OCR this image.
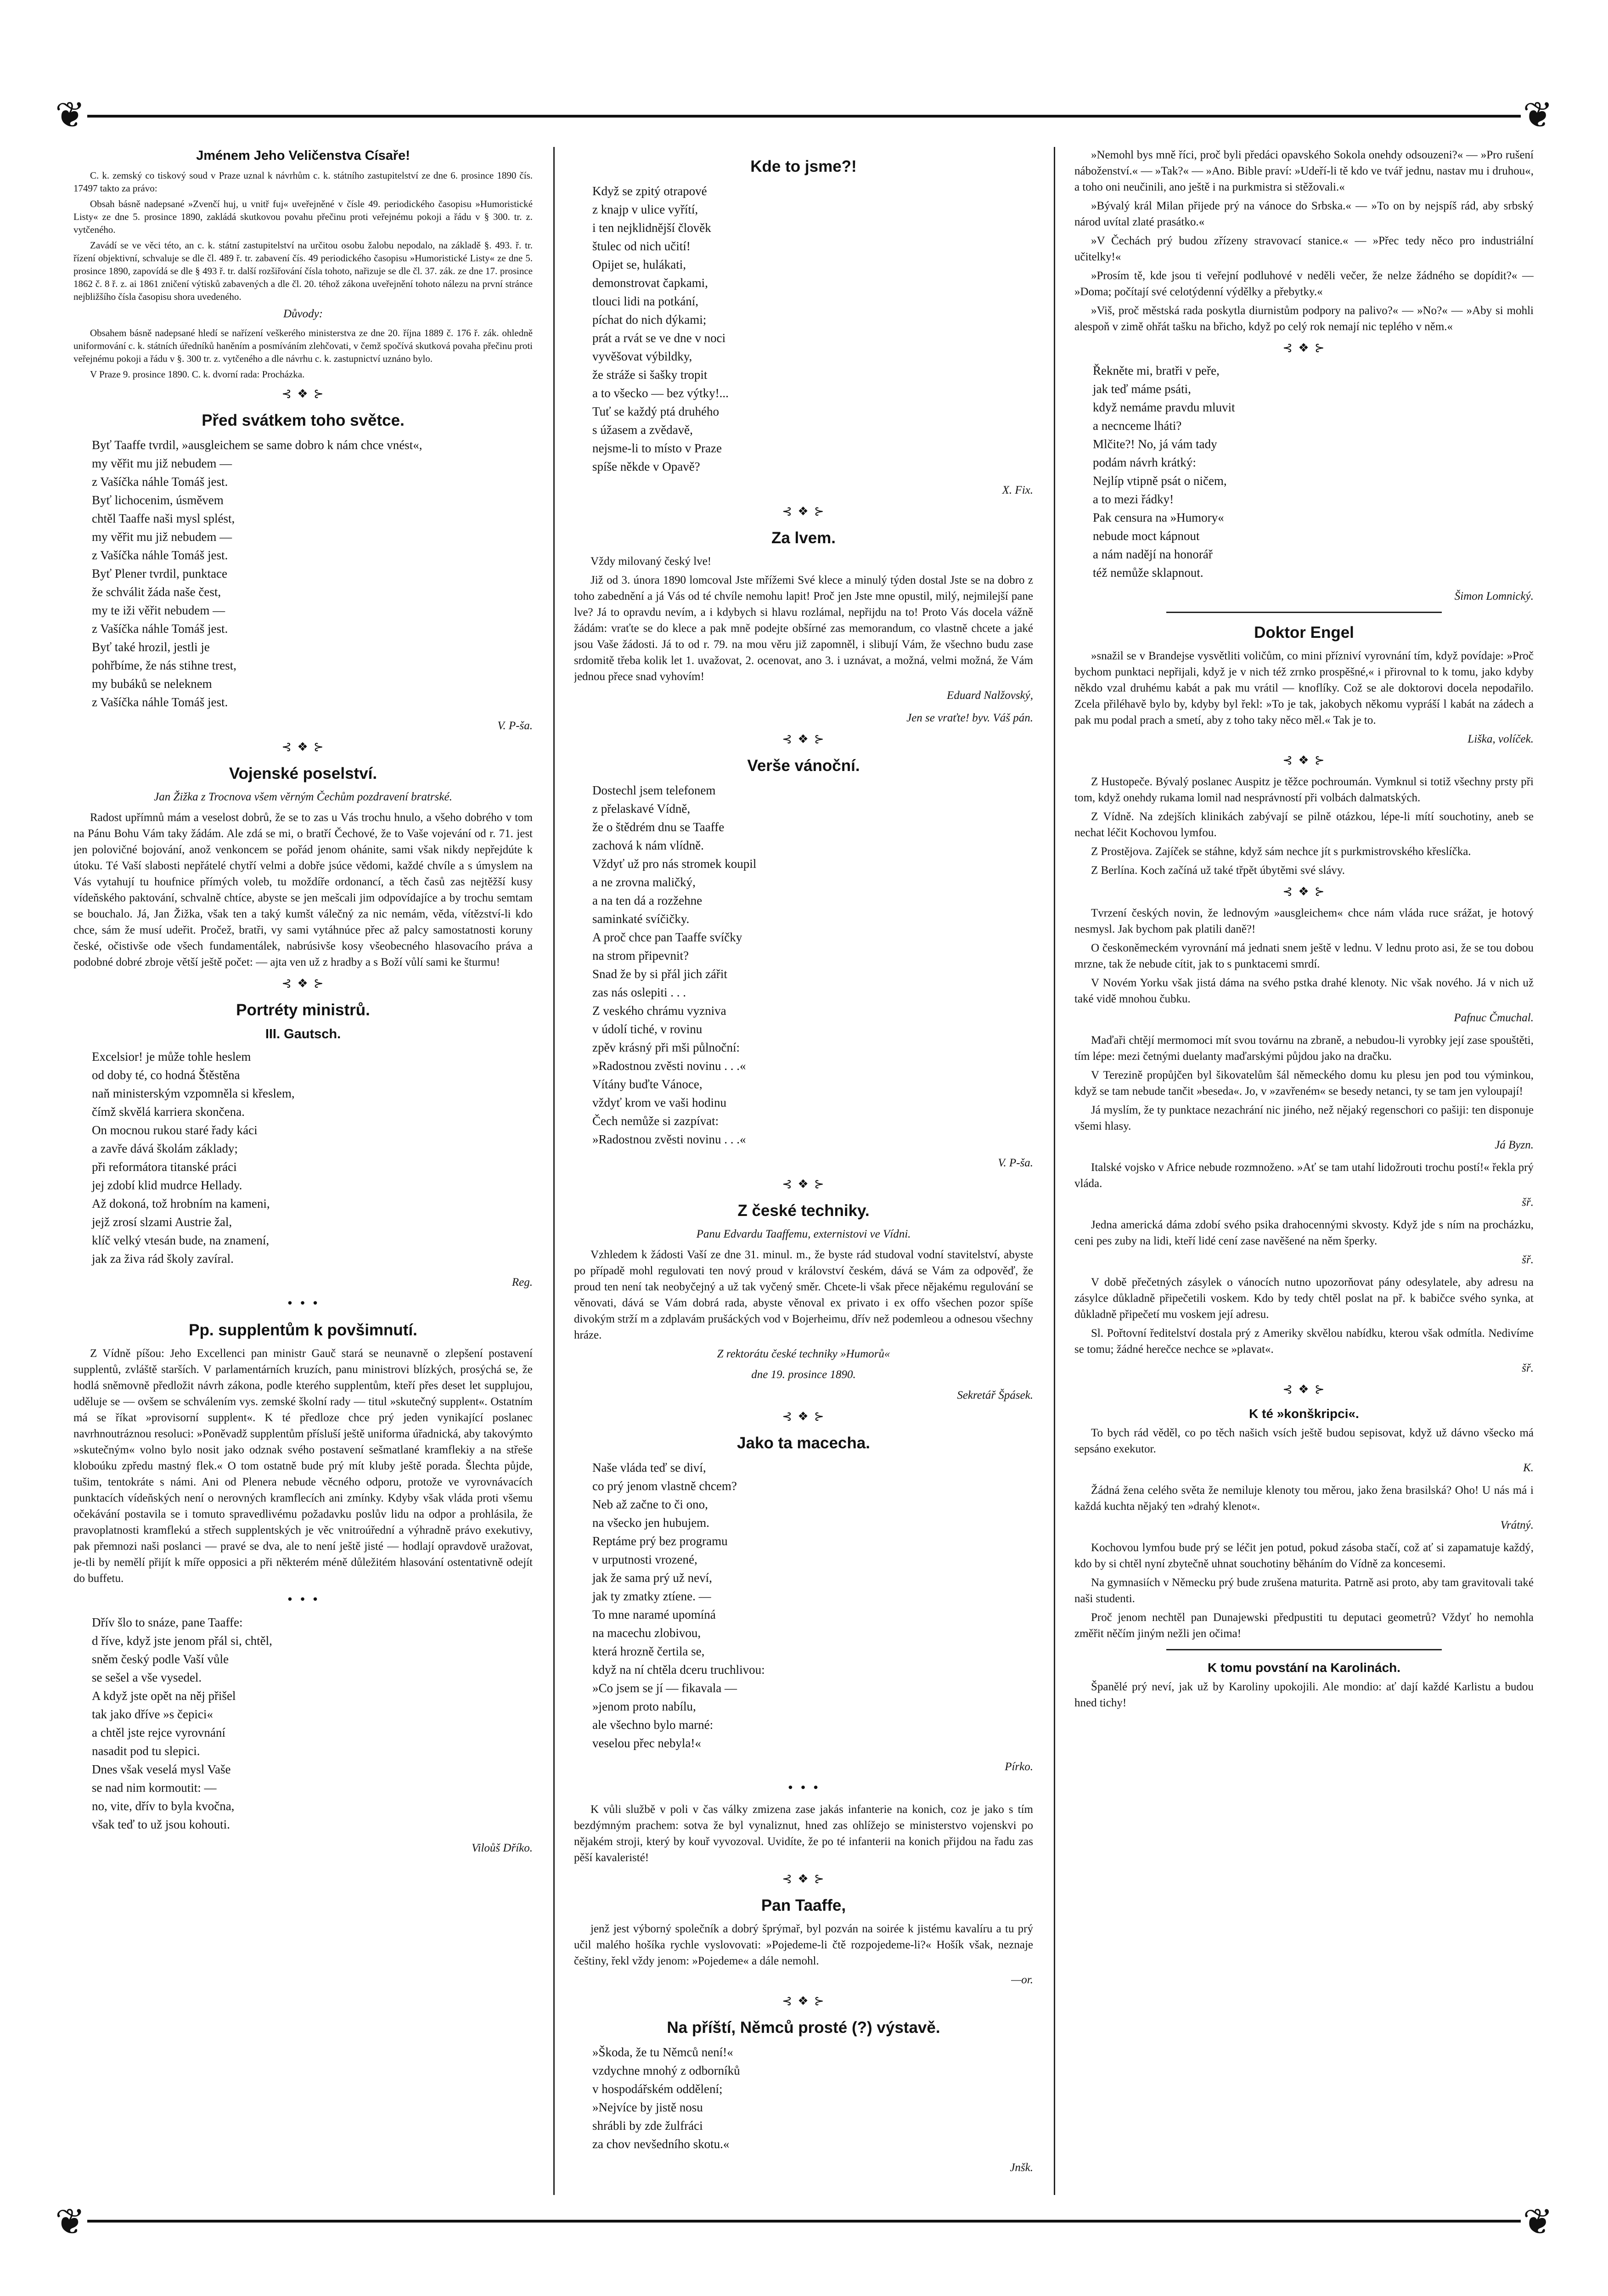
❦	❦
❦	❦
Jménem Jeho Veličenstva Císaře!

C. k. zemský co tiskový soud v Praze uznal k návrhům c. k. státního zastupitelství ze dne 6. prosince 1890 čís. 17497 takto za právo:

Obsah básně nadepsané »Zvenčí huj, u vnitř fuj« uveřejněné v čísle 49. periodického časopisu »Humoristické Listy« ze dne 5. prosince 1890, zakládá skutkovou povahu přečinu proti veřejnému pokoji a řádu v § 300. tr. z. vytčeného.

Zavádí se ve věci této, an c. k. státní zastupitelství na určitou osobu žalobu nepodalo, na základě §. 493. ř. tr. řízení objektivní, schvaluje se dle čl. 489 ř. tr. zabavení čís. 49 periodického časopisu »Humoristické Listy« ze dne 5. prosince 1890, zapovídá se dle § 493 ř. tr. další rozšiřování čísla tohoto, nařizuje se dle čl. 37. zák. ze dne 17. prosince 1862 č. 8 ř. z. ai 1861 zničení výtisků zabavených a dle čl. 20. téhož zákona uveřejnění tohoto nálezu na první stránce nejbližšího čísla časopisu shora uvedeného.

Důvody:

Obsahem básně nadepsané hledí se nařízení veškerého ministerstva ze dne 20. října 1889 č. 176 ř. zák. ohledně uniformování c. k. státních úředníků haněním a posmíváním zlehčovati, v čemž spočívá skutková povaha přečinu proti veřejnému pokoji a řádu v §. 300 tr. z. vytčeného a dle návrhu c. k. zastupnictví uznáno bylo.

V Praze 9. prosince 1890. C. k. dvorní rada: Procházka.

⊰ ❖ ⊱
Před svátkem toho světce.
Byť Taaffe tvrdil, »ausgleichem se same dobro k nám chce vnést«,
my věřit mu již nebudem —
z Vašíčka náhle Tomáš jest.
Byť lichocenim, úsměvem
chtěl Taaffe naši mysl splést,
my věřit mu již nebudem —
z Vašíčka náhle Tomáš jest.
Byť Plener tvrdil, punktace
že schválit žáda naše čest,
my te iži věřit nebudem —
z Vašíčka náhle Tomáš jest.
Byť také hrozil, jestli je
pohřbíme, že nás stihne trest,
my bubáků se neleknem
z Vašíčka náhle Tomáš jest.
V. P-ša.
⊰ ❖ ⊱
Vojenské poselství.
Jan Žižka z Trocnova všem věrným Čechům pozdravení bratrské.

Radost upřímnů mám a veselost dobrů, že se to zas u Vás trochu hnulo, a všeho dobrého v tom na Pánu Bohu Vám taky žádám. Ale zdá se mi, o bratří Čechové, že to Vaše vojevání od r. 71. jest jen polovičné bojování, anož venkoncem se pořád jenom ohánite, sami však nikdy nepřejdúte k útoku. Té Vaší slabosti nepřátelé chytří velmi a dobře jsúce vědomi, každé chvíle a s úmyslem na Vás vytahují tu houfnice přímých voleb, tu moždíře ordonancí, a těch časů zas nejtěžší kusy vídeňského paktování, schvalně chtíce, abyste se jen mešcali jim odpovídajíce a by trochu semtam se bouchalo. Já, Jan Žižka, však ten a taký kumšt válečný za nic nemám, věda, vítězství-li kdo chce, sám že musí udeřit. Pročež, bratři, vy sami vytáhnúce přec až palcy samostatnosti koruny české, očistivše ode všech fundamentálek, nabrúsivše kosy všeobecného hlasovacího práva a podobné dobré zbroje větší ještě počet: — ajta ven už z hradby a s Boží vůlí sami ke šturmu!

⊰ ❖ ⊱
Portréty ministrů.
III. Gautsch.
Excelsior! je může tohle heslem
od doby té, co hodná Štěstěna
naň ministerským vzpomněla si křeslem,
čímž skvělá karriera skončena.
On mocnou rukou staré řady káci
a zavře dává školám základy;
při reformátora titanské práci
jej zdobí klid mudrce Hellady.
Až dokoná, tož hrobním na kameni,
jejž zrosí slzami Austrie žal,
klíč velký vtesán bude, na znamení,
jak za živa rád školy zavíral.
Reg.
• • •
Pp. supplentům k povšimnutí.

Z Vídně píšou: Jeho Excellenci pan ministr Gauč stará se neunavně o zlepšení postavení supplentů, zvláště starších. V parlamentárních kruzích, panu ministrovi blízkých, prosýchá se, že hodlá sněmovně předložit návrh zákona, podle kterého supplentům, kteří přes deset let supplujou, uděluje se — ovšem se schválením vys. zemské školní rady — titul »skutečný supplent«. Ostatním má se říkat »provisorní supplent«. K té předloze chce prý jeden vynikající poslanec navrhnoutráznou resoluci: »Poněvadž supplentům přísluší ještě uniforma úřadnická, aby takovýmto »skutečným« volno bylo nosit jako odznak svého postavení sešmatlané kramflekiy a na střeše kloboúku zpředu mastný flek.« O tom ostatně bude prý mít kluby ještě porada. Šlechta půjde, tušim, tentokráte s námi. Ani od Plenera nebude věcného odporu, protože ve vyrovnávacích punktacích vídeňských není o nerovných kramflecích ani zmínky. Kdyby však vláda proti všemu očekávání postavila se i tomuto spravedlivému požadavku poslův lidu na odpor a prohlásila, že pravoplatnosti kramflekú a střech supplentských je věc vnitroúřední a výhradně právo exekutivy, pak přemnozi naši poslanci — pravé se dva, ale to není ještě jisté — hodlají opravdově uražovat, je-tli by nemělí přijít k míře opposici a při některém méně důležitém hlasování ostentativně odejít do buffetu.

• • •
Dřív šlo to snáze, pane Taaffe:
d říve, když jste jenom přál si, chtěl,
sněm český podle Vaší vůle
se sešel a vše vysedel.
A když jste opět na něj přišel
tak jako dříve »s čepici«
a chtěl jste rejce vyrovnání
nasadit pod tu slepici.
Dnes však veselá mysl Vaše
se nad nim kormoutit: —
no, vite, dřív to byla kvočna,
však teď to už jsou kohouti.
Viloůš Dříko.
Kde to jsme?!
Když se zpitý otrapové
z knajp v ulice vyřítí,
i ten nejklidnější člověk
štulec od nich učití!
Opijet se, hulákati,
demonstrovat čapkami,
tlouci lidi na potkání,
píchat do nich dýkami;
prát a rvát se ve dne v noci
vyvěšovat výbildky,
že stráže si šašky tropit
a to všecko — bez výtky!...
Tuť se každý ptá druhého
s úžasem a zvědavě,
nejsme-li to místo v Praze
spíše někde v Opavě?
X. Fix.
⊰ ❖ ⊱
Za lvem.

Vždy milovaný český lve!

Již od 3. února 1890 lomcoval Jste mřížemi Své klece a minulý týden dostal Jste se na dobro z toho zabednění a já Vás od té chvíle nemohu lapit! Proč jen Jste mne opustil, milý, nejmilejší pane lve? Já to opravdu nevím, a i kdybych si hlavu rozlámal, nepřijdu na to! Proto Vás docela vážně žádám: vraťte se do klece a pak mně podejte obšírné zas memorandum, co vlastně chcete a jaké jsou Vaše žádosti. Já to od r. 79. na mou věru již zapomněl, i slibují Vám, že všechno budu zase srdomitě třeba kolik let 1. uvažovat, 2. ocenovat, ano 3. i uznávat, a možná, velmi možná, že Vám jednou přece snad vyhovím!

Eduard Nalžovský,
Jen se vraťte! byv. Váš pán.
⊰ ❖ ⊱
Verše vánoční.
Dostechl jsem telefonem
z přelaskavé Vídně,
že o štědrém dnu se Taaffe
zachová k nám vlídně.
Vždyť už pro nás stromek koupil
a ne zrovna maličký,
a na ten dá a rozžehne
saminkaté svíčičky.
A proč chce pan Taaffe svíčky
na strom připevnit?
Snad že by si přál jich zářit
zas nás oslepiti . . .
Z veského chrámu vyzniva
v údolí tiché, v rovinu
zpěv krásný při mši půlnoční:
»Radostnou zvěsti novinu . . .«
Vítány buďte Vánoce,
vždyť krom ve vaši hodinu
Čech nemůže si zazpívat:
»Radostnou zvěsti novinu . . .«
V. P-ša.
⊰ ❖ ⊱
Z české techniky.
Panu Edvardu Taaffemu, externistovi ve Vídni.

Vzhledem k žádosti Vaší ze dne 31. minul. m., že byste rád studoval vodní stavitelství, abyste po případě mohl regulovati ten nový proud v království českém, dává se Vám za odpověď, že proud ten není tak neobyčejný a už tak vyčený směr. Chcete-li však přece nějakému regulování se věnovati, dává se Vám dobrá rada, abyste věnoval ex privato i ex offo všechen pozor spíše divokým strží m a zdplavám prušáckých vod v Bojerheimu, dřív než podemleou a odnesou všechny hráze.

Z rektorátu české techniky »Humorů«
dne 19. prosince 1890.
Sekretář Špásek.
⊰ ❖ ⊱
Jako ta macecha.
Naše vláda teď se diví,
co prý jenom vlastně chcem?
Neb až začne to či ono,
na všecko jen hubujem.
Reptáme prý bez programu
v urputnosti vrozené,
jak že sama prý už neví,
jak ty zmatky ztíene. —
To mne naramé upomíná
na macechu zlobivou,
která hrozně čertila se,
když na ní chtěla dceru truchlivou:
»Co jsem se jí — fikavala —
»jenom proto nabílu,
ale všechno bylo marné:
veselou přec nebyla!«
Pírko.
• • •

K vůli službě v poli v čas války zmizena zase jakás infanterie na konich, coz je jako s tím bezdýmným prachem: sotva že byl vynaliznut, hned zas ohlížejo se ministerstvo vojenskvi po nějakém stroji, který by kouř vyvozoval. Uvidíte, že po té infanterii na konich přijdou na řadu zas pěší kavaleristé!

⊰ ❖ ⊱
Pan Taaffe,

jenž jest výborný společník a dobrý šprýmař, byl pozván na soirée k jistému kavalíru a tu prý učil malého hošíka rychle vyslovovati: »Pojedeme-li čtě rozpojedeme-li?« Hošík však, neznaje češtiny, řekl vždy jenom: »Pojedeme« a dále nemohl.

—or.
⊰ ❖ ⊱
Na příští, Němců prosté (?) výstavě.
»Škoda, že tu Němců není!«
vzdychne mnohý z odborníků
v hospodářském oddělení;
»Nejvíce by jistě nosu
shrábli by zde žulfráci
za chov nevšedního skotu.«
Jnšk.

»Nemohl bys mně říci, proč byli předáci opavského Sokola onehdy odsouzeni?« — »Pro rušení náboženství.« — »Tak?« — »Ano. Bible praví: »Udeří-li tě kdo ve tvář jednu, nastav mu i druhou«, a toho oni neučinili, ano ještě i na purkmistra si stěžovali.«

»Bývalý král Milan přijede prý na vánoce do Srbska.« — »To on by nejspíš rád, aby srbský národ uvítal zlaté prasátko.«

»V Čechách prý budou zřízeny stravovací stanice.« — »Přec tedy něco pro industriální učitelky!«

»Prosím tě, kde jsou ti veřejní podluhové v neděli večer, že nelze žádného se dopídit?« — »Doma; počítají své celotýdenní výdělky a přebytky.«

»Viš, proč městská rada poskytla diurnistům podpory na palivo?« — »No?« — »Aby si mohli alespoň v zimě ohřát tašku na břicho, když po celý rok nemají nic teplého v něm.«

⊰ ❖ ⊱
Řekněte mi, bratři v peře,
jak teď máme psáti,
když nemáme pravdu mluvit
a necnceme lháti?
Mlčite?! No, já vám tady
podám návrh krátký:
Nejlíp vtipně psát o ničem,
a to mezi řádky!
Pak censura na »Humory«
nebude moct kápnout
a nám nadějí na honorář
též nemůže sklapnout.
Šimon Lomnický.
Doktor Engel

»snažil se v Brandejse vysvětliti voličům, co mini přízniví vyrovnání tím, když povídaje: »Proč bychom punktaci nepřijali, když je v nich též zrnko prospěšné,« i přirovnal to k tomu, jako kdyby někdo vzal druhému kabát a pak mu vrátil — knoflíky. Což se ale doktorovi docela nepodařilo. Zcela přiléhavě bylo by, kdyby byl řekl: »To je tak, jakobych někomu vypráší l kabát na zádech a pak mu podal prach a smetí, aby z toho taky něco měl.« Tak je to.

Liška, volíček.
⊰ ❖ ⊱

Z Hustopeče. Bývalý poslanec Auspitz je těžce pochroumán. Vymknul si totiž všechny prsty při tom, když onehdy rukama lomil nad nesprávností při volbách dalmatských.

Z Vídně. Na zdejších klinikách zabývají se pilně otázkou, lépe-li mítí souchotiny, aneb se nechat léčit Kochovou lymfou.

Z Prostějova. Zajíček se stáhne, když sám nechce jít s purkmistrovského křeslíčka.

Z Berlína. Koch začíná už také třpět úbytěmi své slávy.

⊰ ❖ ⊱

Tvrzení českých novin, že lednovým »ausgleichem« chce nám vláda ruce srážat, je hotový nesmysl. Jak bychom pak platili daně?!

O českoněmeckém vyrovnání má jednati snem ještě v lednu. V lednu proto asi, že se tou dobou mrzne, tak že nebude cítit, jak to s punktacemi smrdí.

V Novém Yorku však jistá dáma na svého pstka drahé klenoty. Nic však nového. Já v nich už také vidě mnohou čubku.

Pafnuc Čmuchal.

Maďaři chtějí mermomoci mít svou továrnu na zbraně, a nebudou-li vyrobky její zase spouštěti, tím lépe: mezi četnými duelanty maďarskými půjdou jako na dračku.

V Terezině propůjčen byl šikovatelům šál německého domu ku plesu jen pod tou výminkou, když se tam nebude tančit »beseda«. Jo, v »zavřeném« se besedy netanci, ty se tam jen vyloupají!

Já myslím, že ty punktace nezachrání nic jiného, než nějaký regenschori co pašiji: ten disponuje všemi hlasy.

Já Byzn.

Italské vojsko v Africe nebude rozmnoženo. »Ať se tam utahí lidožrouti trochu postí!« řekla prý vláda.

šř.

Jedna americká dáma zdobí svého psika drahocennými skvosty. Když jde s ním na procházku, ceni pes zuby na lidi, kteří lidé cení zase navěšené na něm šperky.

šř.

V době přečetných zásylek o vánocích nutno upozorňovat pány odesylatele, aby adresu na zásylce důkladně připečetili voskem. Kdo by tedy chtěl poslat na př. k babičce svého synka, at důkladně připečetí mu voskem její adresu.

Sl. Pořtovní ředitelství dostala prý z Ameriky skvělou nabídku, kterou však odmítla. Nedivíme se tomu; žádné herečce nechce se »plavat«.

šř.
⊰ ❖ ⊱
K té »konškripci«.

To bych rád věděl, co po těch našich vsích ještě budou sepisovat, když už dávno všecko má sepsáno exekutor.

K.

Žádná žena celého světa že nemiluje klenoty tou měrou, jako žena brasilská? Oho! U nás má i každá kuchta nějaký ten »drahý klenot«.

Vrátný.

Kochovou lymfou bude prý se léčit jen potud, pokud zásoba stačí, což ať si zapamatuje každý, kdo by si chtěl nyní zbytečně uhnat souchotiny běháním do Vídně za koncesemi.

Na gymnasiích v Německu prý bude zrušena maturita. Patrně asi proto, aby tam gravitovali také naši studenti.

Proč jenom nechtěl pan Dunajewski předpustiti tu deputaci geometrů? Vždyť ho nemohla změřit něčím jiným nežli jen očima!

K tomu povstání na Karolinách.

Španělé prý neví, jak už by Karoliny upokojili. Ale mondio: ať dají každé Karlistu a budou hned tichy!
